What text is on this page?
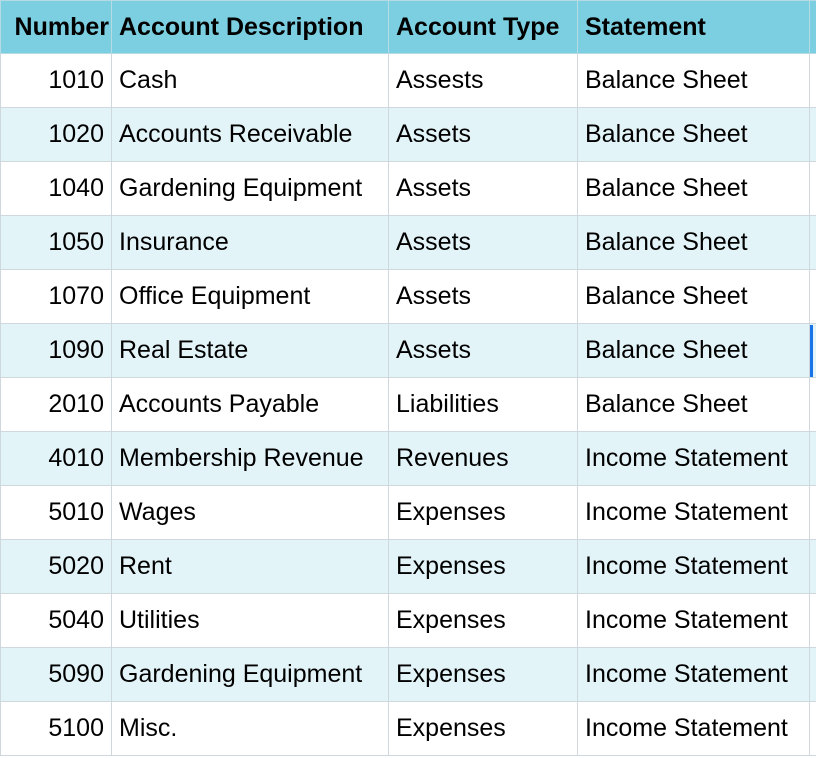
Number	Account Description	Account Type	Statement	
1010	Cash	Assests	Balance Sheet	
1020	Accounts Receivable	Assets	Balance Sheet	
1040	Gardening Equipment	Assets	Balance Sheet	
1050	Insurance	Assets	Balance Sheet	
1070	Office Equipment	Assets	Balance Sheet	
1090	Real Estate	Assets	Balance Sheet	
2010	Accounts Payable	Liabilities	Balance Sheet	
4010	Membership Revenue	Revenues	Income Statement	
5010	Wages	Expenses	Income Statement	
5020	Rent	Expenses	Income Statement	
5040	Utilities	Expenses	Income Statement	
5090	Gardening Equipment	Expenses	Income Statement	
5100	Misc.	Expenses	Income Statement	
